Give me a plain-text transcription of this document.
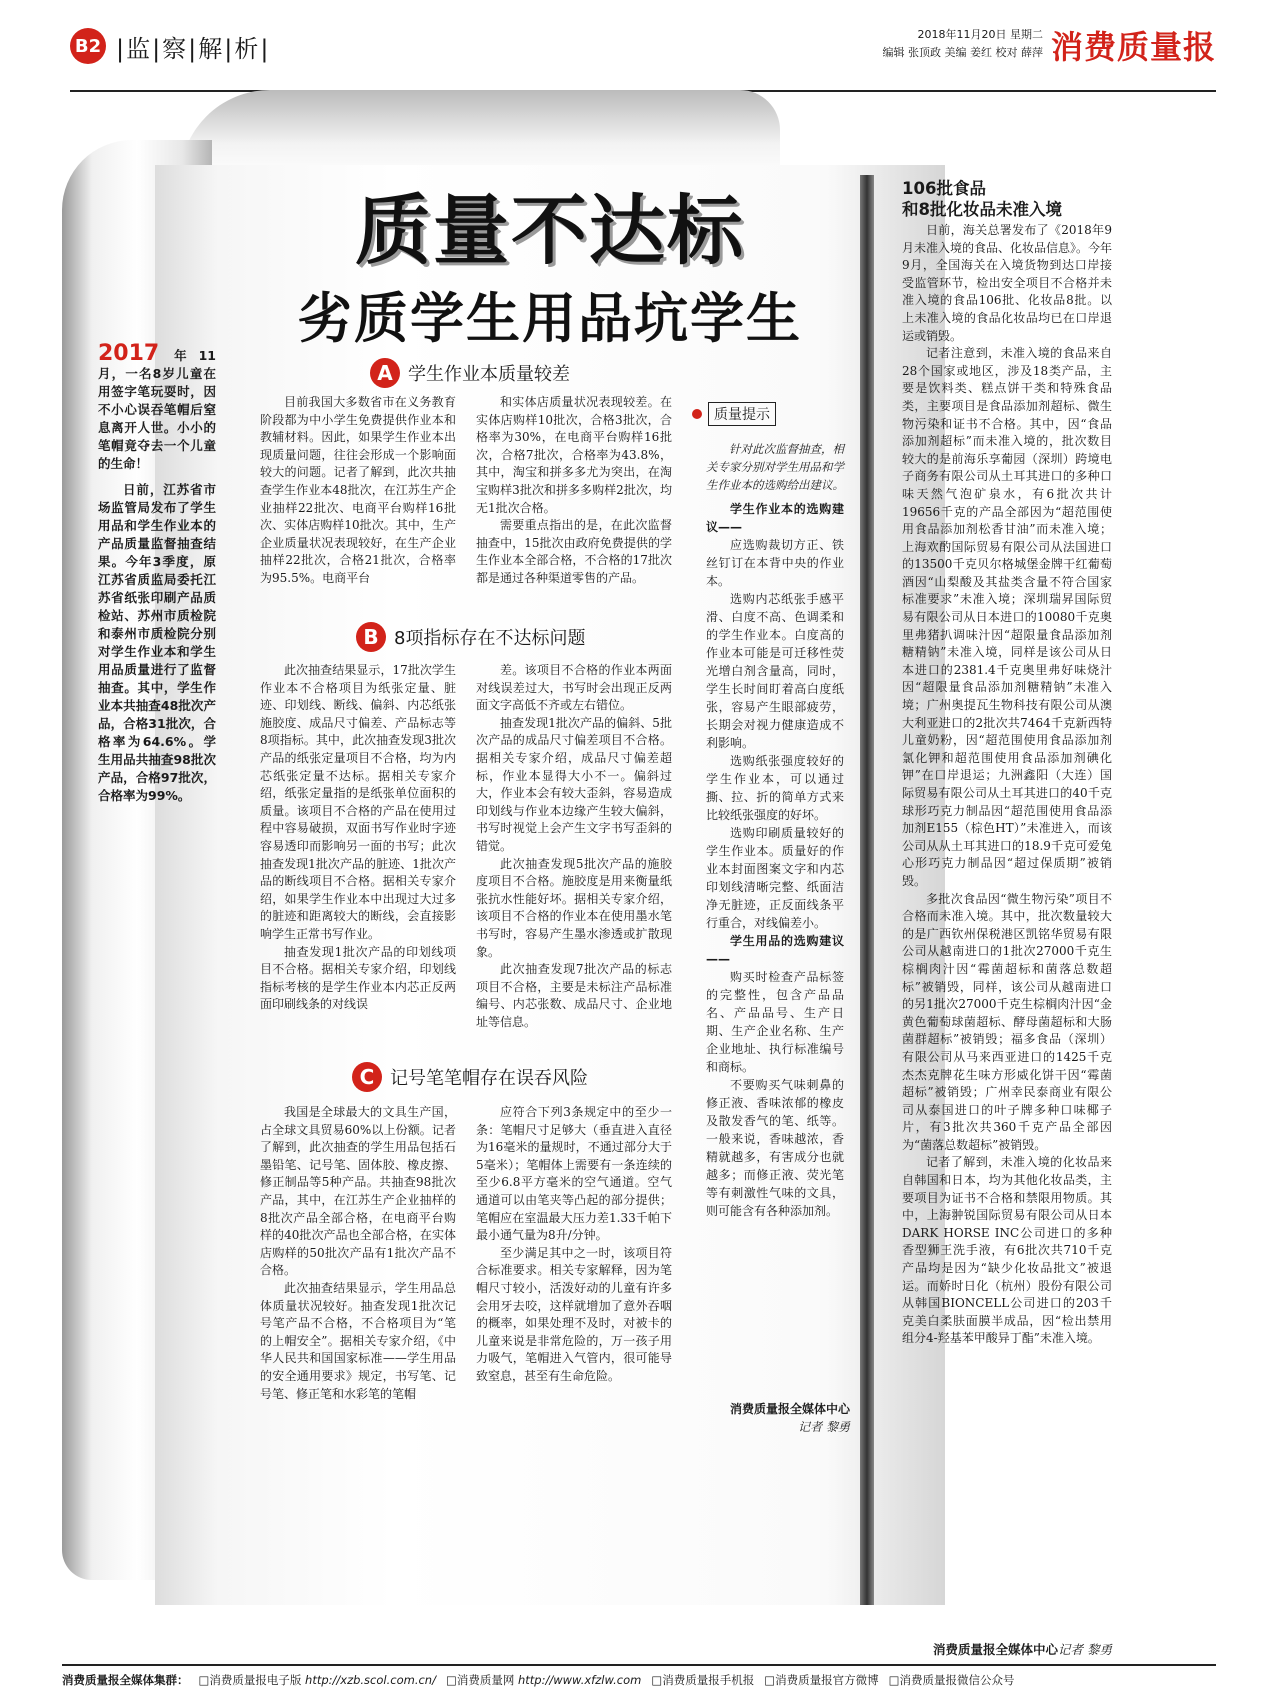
B2 |监|察|解|析|	2018年11月20日 星期二
编辑 张顶政 美编 姜红 校对 薛萍 消费质量报
质量不达标
劣质学生用品坑学生

2017 年11月，一名8岁儿童在用签字笔玩耍时，因不小心误吞笔帽后窒息离开人世。小小的笔帽竟夺去一个儿童的生命！

日前，江苏省市场监管局发布了学生用品和学生作业本的产品质量监督抽查结果。今年3季度，原江苏省质监局委托江苏省纸张印刷产品质检站、苏州市质检院和泰州市质检院分别对学生作业本和学生用品质量进行了监督抽查。其中，学生作业本共抽查48批次产品，合格31批次，合格率为64.6%。学生用品共抽查98批次产品，合格97批次，合格率为99%。

A 学生作业本质量较差

目前我国大多数省市在义务教育阶段都为中小学生免费提供作业本和教辅材料。因此，如果学生作业本出现质量问题，往往会形成一个影响面较大的问题。记者了解到，此次共抽查学生作业本48批次，在江苏生产企业抽样22批次、电商平台购样16批次、实体店购样10批次。其中，生产企业质量状况表现较好，在生产企业抽样22批次，合格21批次，合格率为95.5%。电商平台

和实体店质量状况表现较差。在实体店购样10批次，合格3批次，合格率为30%，在电商平台购样16批次，合格7批次，合格率为43.8%，其中，淘宝和拼多多尤为突出，在淘宝购样3批次和拼多多购样2批次，均无1批次合格。

需要重点指出的是，在此次监督抽查中，15批次由政府免费提供的学生作业本全部合格，不合格的17批次都是通过各种渠道零售的产品。

B 8项指标存在不达标问题

此次抽查结果显示，17批次学生作业本不合格项目为纸张定量、脏迹、印划线、断线、偏斜、内芯纸张施胶度、成品尺寸偏差、产品标志等8项指标。其中，此次抽查发现3批次产品的纸张定量项目不合格，均为内芯纸张定量不达标。据相关专家介绍，纸张定量指的是纸张单位面积的质量。该项目不合格的产品在使用过程中容易破损，双面书写作业时字迹容易透印而影响另一面的书写；此次抽查发现1批次产品的脏迹、1批次产品的断线项目不合格。据相关专家介绍，如果学生作业本中出现过大过多的脏迹和距离较大的断线，会直接影响学生正常书写作业。

抽查发现1批次产品的印划线项目不合格。据相关专家介绍，印划线指标考核的是学生作业本内芯正反两面印刷线条的对线误

差。该项目不合格的作业本两面对线误差过大，书写时会出现正反两面文字高低不齐或左右错位。

抽查发现1批次产品的偏斜、5批次产品的成品尺寸偏差项目不合格。据相关专家介绍，成品尺寸偏差超标，作业本显得大小不一。偏斜过大，作业本会有较大歪斜，容易造成印划线与作业本边缘产生较大偏斜，书写时视觉上会产生文字书写歪斜的错觉。

此次抽查发现5批次产品的施胶度项目不合格。施胶度是用来衡量纸张抗水性能好坏。据相关专家介绍，该项目不合格的作业本在使用墨水笔书写时，容易产生墨水渗透或扩散现象。

此次抽查发现7批次产品的标志项目不合格，主要是未标注产品标准编号、内芯张数、成品尺寸、企业地址等信息。

C 记号笔笔帽存在误吞风险

我国是全球最大的文具生产国，占全球文具贸易60%以上份额。记者了解到，此次抽查的学生用品包括石墨铅笔、记号笔、固体胶、橡皮擦、修正制品等5种产品。共抽查98批次产品，其中，在江苏生产企业抽样的8批次产品全部合格，在电商平台购样的40批次产品也全部合格，在实体店购样的50批次产品有1批次产品不合格。

此次抽查结果显示，学生用品总体质量状况较好。抽查发现1批次记号笔产品不合格，不合格项目为“笔的上帽安全”。据相关专家介绍，《中华人民共和国国家标准——学生用品的安全通用要求》规定，书写笔、记号笔、修正笔和水彩笔的笔帽

应符合下列3条规定中的至少一条：笔帽尺寸足够大（垂直进入直径为16毫米的量规时，不通过部分大于5毫米）；笔帽体上需要有一条连续的至少6.8平方毫米的空气通道。空气通道可以由笔夹等凸起的部分提供；笔帽应在室温最大压力差1.33千帕下最小通气量为8升/分钟。

至少满足其中之一时，该项目符合标准要求。相关专家解释，因为笔帽尺寸较小，活泼好动的儿童有许多会用牙去咬，这样就增加了意外吞咽的概率，如果处理不及时，对被卡的儿童来说是非常危险的，万一孩子用力吸气，笔帽进入气管内，很可能导致窒息，甚至有生命危险。

质量提示

针对此次监督抽查，相关专家分别对学生用品和学生作业本的选购给出建议。

学生作业本的选购建议——

应选购裁切方正、铁丝钉订在本背中央的作业本。

选购内芯纸张手感平滑、白度不高、色调柔和的学生作业本。白度高的作业本可能是可迁移性荧光增白剂含量高，同时，学生长时间盯着高白度纸张，容易产生眼部疲劳，长期会对视力健康造成不利影响。

选购纸张强度较好的学生作业本，可以通过撕、拉、折的简单方式来比较纸张强度的好坏。

选购印刷质量较好的学生作业本。质量好的作业本封面图案文字和内芯印划线清晰完整、纸面洁净无脏迹，正反面线条平行重合，对线偏差小。

学生用品的选购建议——

购买时检查产品标签的完整性，包含产品品名、产品品号、生产日期、生产企业名称、生产企业地址、执行标准编号和商标。

不要购买气味刺鼻的修正液、香味浓郁的橡皮及散发香气的笔、纸等。一般来说，香味越浓，香精就越多，有害成分也就越多；而修正液、荧光笔等有刺激性气味的文具，则可能含有各种添加剂。

消费质量报全媒体中心
记者 黎勇
106批食品
和8批化妆品未准入境

日前，海关总署发布了《2018年9月未准入境的食品、化妆品信息》。今年9月，全国海关在入境货物到达口岸接受监管环节，检出安全项目不合格并未准入境的食品106批、化妆品8批。以上未准入境的食品化妆品均已在口岸退运或销毁。

记者注意到，未准入境的食品来自28个国家或地区，涉及18类产品，主要是饮料类、糕点饼干类和特殊食品类，主要项目是食品添加剂超标、微生物污染和证书不合格。其中，因“食品添加剂超标”而未准入境的，批次数目较大的是前海乐享葡园（深圳）跨境电子商务有限公司从土耳其进口的多种口味天然气泡矿泉水，有6批次共计19656千克的产品全部因为“超范围使用食品添加剂松香甘油”而未准入境；上海欢酌国际贸易有限公司从法国进口的13500千克贝尔格城堡金牌干红葡萄酒因“山梨酸及其盐类含量不符合国家标准要求”未准入境；深圳瑞昇国际贸易有限公司从日本进口的10080千克奥里弗猪扒调味汁因“超限量食品添加剂糖精钠”未准入境，同样是该公司从日本进口的2381.4千克奥里弗好味烧汁因“超限量食品添加剂糖精钠”未准入境；广州奥提瓦生物科技有限公司从澳大利亚进口的2批次共7464千克新西特儿童奶粉，因“超范围使用食品添加剂氯化钾和超范围使用食品添加剂碘化钾”在口岸退运；九洲鑫阳（大连）国际贸易有限公司从土耳其进口的40千克球形巧克力制品因“超范围使用食品添加剂E155（棕色HT）”未准进入，而该公司从从土耳其进口的18.9千克可爱兔心形巧克力制品因“超过保质期”被销毁。

多批次食品因“微生物污染”项目不合格而未准入境。其中，批次数量较大的是广西钦州保税港区凯铭华贸易有限公司从越南进口的1批次27000千克生棕榈肉汁因“霉菌超标和菌落总数超标”被销毁，同样，该公司从越南进口的另1批次27000千克生棕榈肉汁因“金黄色葡萄球菌超标、酵母菌超标和大肠菌群超标”被销毁；福多食品（深圳）有限公司从马来西亚进口的1425千克杰杰克牌花生味方形威化饼干因“霉菌超标”被销毁；广州幸民泰商业有限公司从泰国进口的叶子牌多种口味椰子片，有3批次共360千克产品全部因为“菌落总数超标”被销毁。

记者了解到，未准入境的化妆品来自韩国和日本，均为其他化妆品类，主要项目为证书不合格和禁限用物质。其中，上海翀锐国际贸易有限公司从日本DARK HORSE INC公司进口的多种香型狮王洗手液，有6批次共710千克产品均是因为“缺少化妆品批文”被退运。而娇时日化（杭州）股份有限公司从韩国BIONCELL公司进口的203千克美白柔肤面膜半成品，因“检出禁用组分4-羟基苯甲酸异丁酯”未准入境。

消费质量报全媒体中心记者 黎勇
消费质量报全媒体集群： □消费质量报电子版 http://xzb.scol.com.cn/ □消费质量网 http://www.xfzlw.com □消费质量报手机报 □消费质量报官方微博 □消费质量报微信公众号
